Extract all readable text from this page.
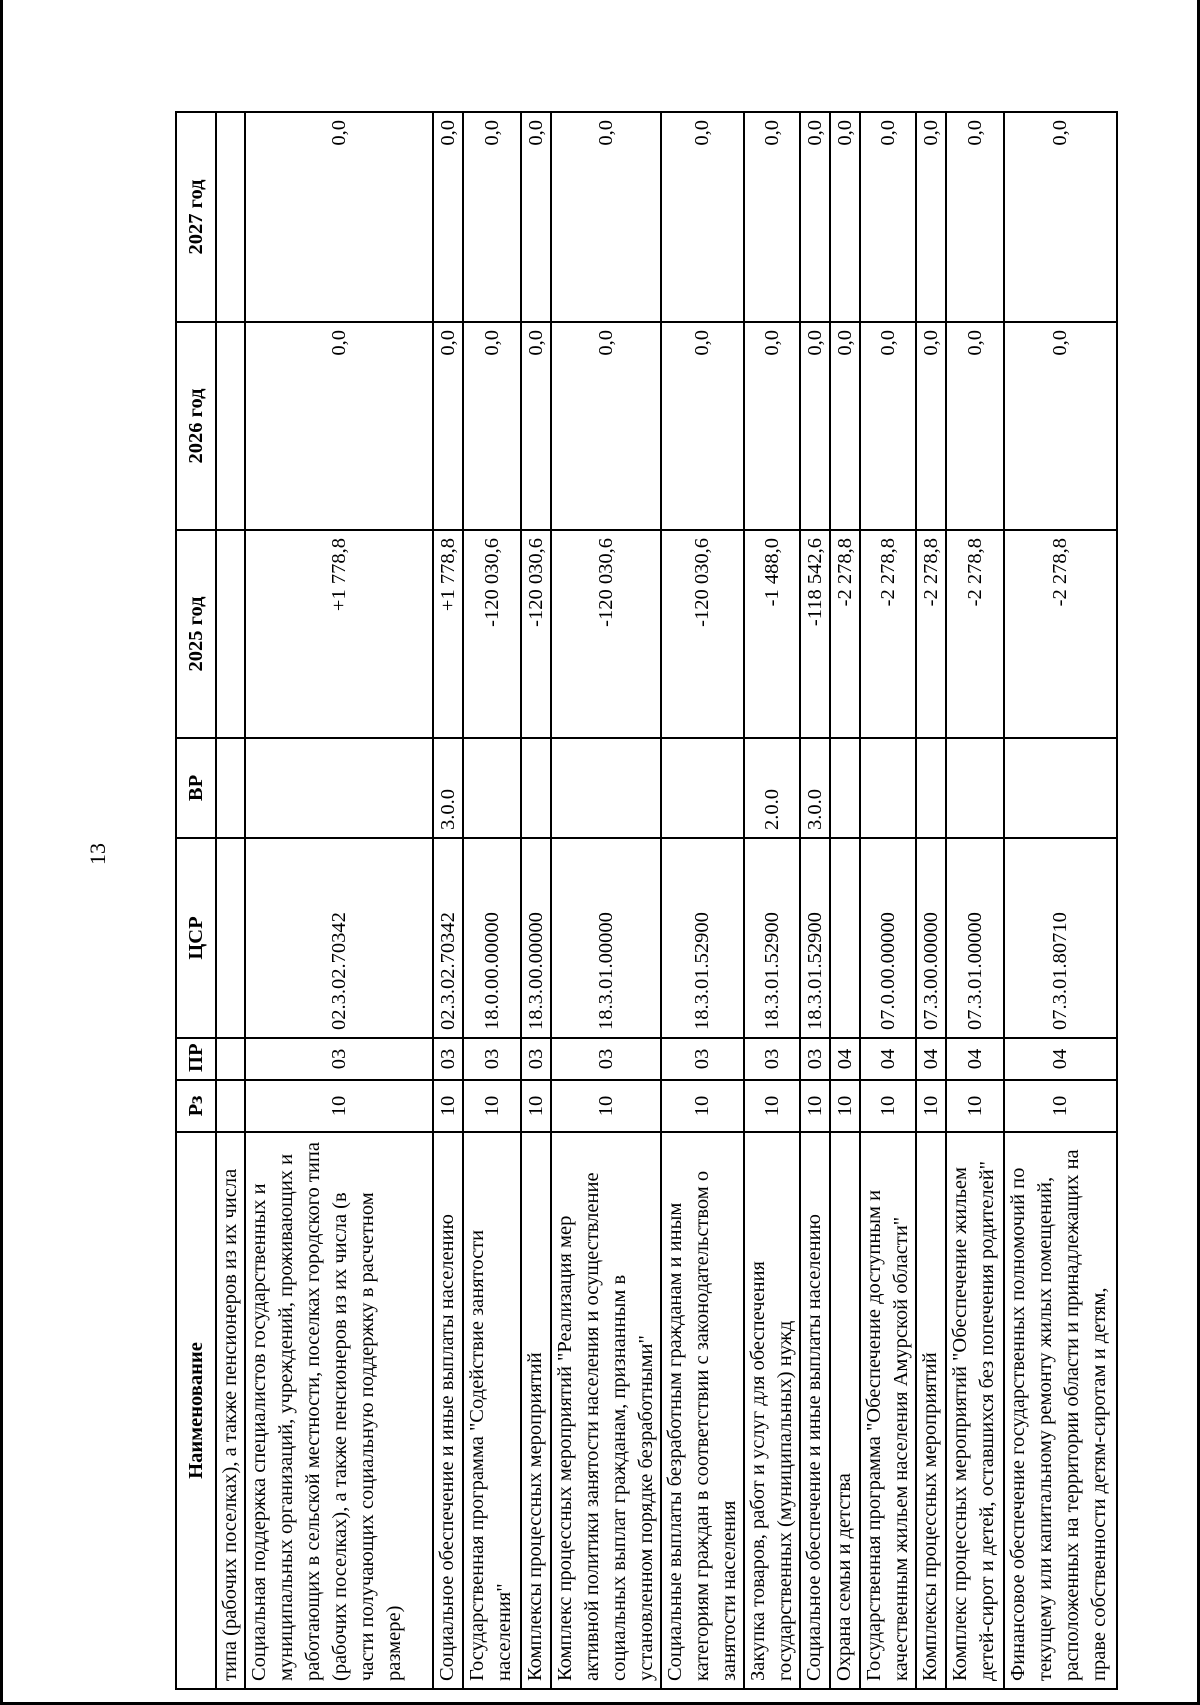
13
Наименование	Рз	ПР	ЦСР	ВР	2025 год	2026 год	2027 год
типа (рабочих поселках), а также пенсионеров из их числа							
Социальная поддержка специалистов государственных и муниципальных организаций, учреждений, проживающих и работающих в сельской местности, поселках городского типа (рабочих поселках), а также пенсионеров из их числа (в части получающих социальную поддержку в расчетном размере)	10	03	02.3.02.70342		+1 778,8	0,0	0,0
Социальное обеспечение и иные выплаты населению	10	03	02.3.02.70342	3.0.0	+1 778,8	0,0	0,0
Государственная программа "Содействие занятости населения"	10	03	18.0.00.00000		-120 030,6	0,0	0,0
Комплексы процессных мероприятий	10	03	18.3.00.00000		-120 030,6	0,0	0,0
Комплекс процессных мероприятий "Реализация мер активной политики занятости населения и осуществление социальных выплат гражданам, признанным в установленном порядке безработными"	10	03	18.3.01.00000		-120 030,6	0,0	0,0
Социальные выплаты безработным гражданам и иным категориям граждан в соответствии с законодательством о занятости населения	10	03	18.3.01.52900		-120 030,6	0,0	0,0
Закупка товаров, работ и услуг для обеспечения государственных (муниципальных) нужд	10	03	18.3.01.52900	2.0.0	-1 488,0	0,0	0,0
Социальное обеспечение и иные выплаты населению	10	03	18.3.01.52900	3.0.0	-118 542,6	0,0	0,0
Охрана семьи и детства	10	04			-2 278,8	0,0	0,0
Государственная программа "Обеспечение доступным и качественным жильем населения Амурской области"	10	04	07.0.00.00000		-2 278,8	0,0	0,0
Комплексы процессных мероприятий	10	04	07.3.00.00000		-2 278,8	0,0	0,0
Комплекс процессных мероприятий "Обеспечение жильем детей-сирот и детей, оставшихся без попечения родителей"	10	04	07.3.01.00000		-2 278,8	0,0	0,0
Финансовое обеспечение государственных полномочий по текущему или капитальному ремонту жилых помещений, расположенных на территории области и принадлежащих на праве собственности детям-сиротам и детям,	10	04	07.3.01.80710		-2 278,8	0,0	0,0
